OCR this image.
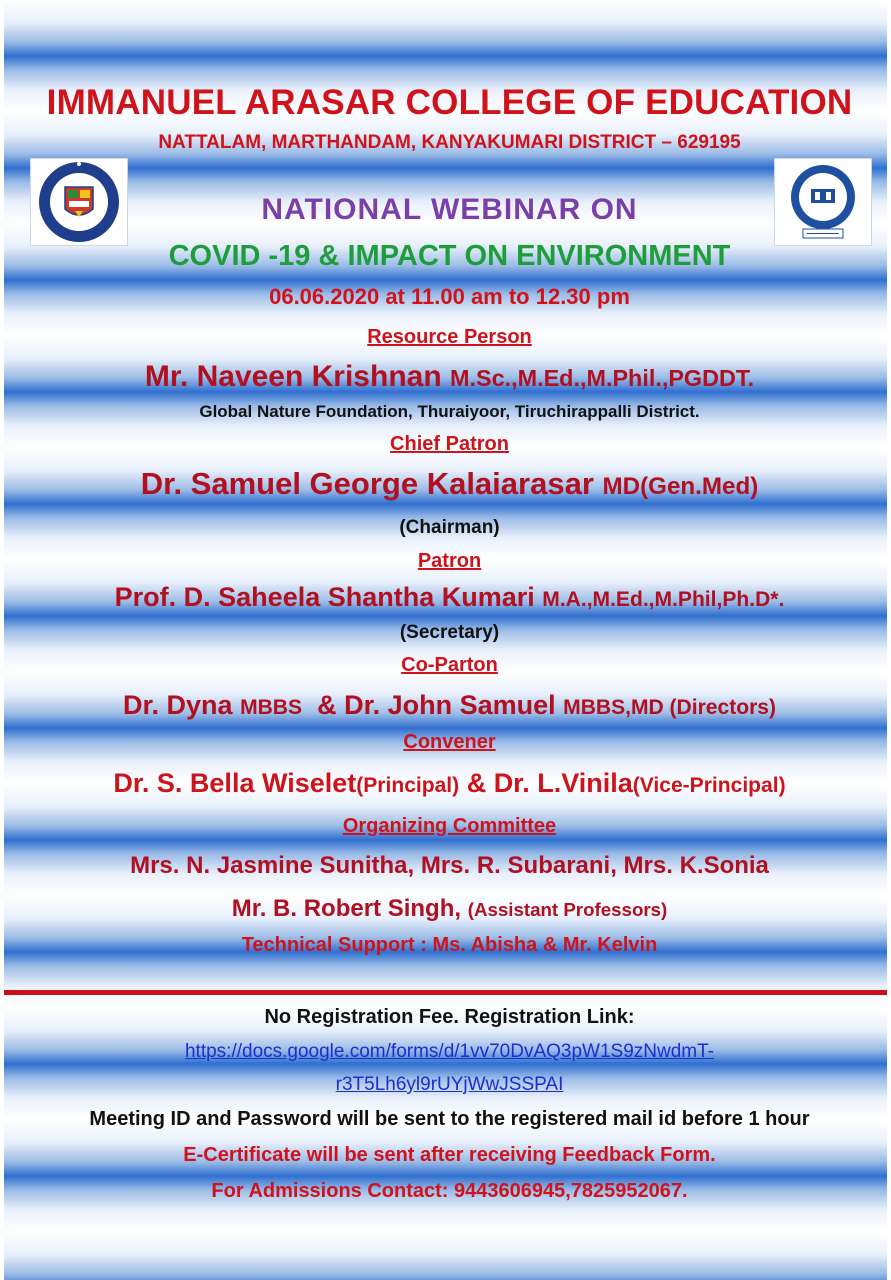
IMMANUEL ARASAR COLLEGE OF EDUCATION
NATTALAM, MARTHANDAM, KANYAKUMARI DISTRICT – 629195
NATIONAL WEBINAR ON
COVID -19 & IMPACT ON ENVIRONMENT
06.06.2020 at 11.00 am to 12.30 pm
Resource Person
Mr. Naveen Krishnan M.Sc.,M.Ed.,M.Phil.,PGDDT.
Global Nature Foundation, Thuraiyoor, Tiruchirappalli District.
Chief Patron
Dr. Samuel George Kalaiarasar MD(Gen.Med)
(Chairman)
Patron
Prof. D. Saheela Shantha Kumari M.A.,M.Ed.,M.Phil,Ph.D*.
(Secretary)
Co-Parton
Dr. Dyna MBBS & Dr. John Samuel MBBS,MD (Directors)
Convener
Dr. S. Bella Wiselet(Principal) & Dr. L.Vinila(Vice-Principal)
Organizing Committee
Mrs. N. Jasmine Sunitha, Mrs. R. Subarani, Mrs. K.Sonia
Mr. B. Robert Singh, (Assistant Professors)
Technical Support : Ms. Abisha & Mr. Kelvin
No Registration Fee. Registration Link:
https://docs.google.com/forms/d/1vv70DvAQ3pW1S9zNwdmT-
r3T5Lh6yl9rUYjWwJSSPAI
Meeting ID and Password will be sent to the registered mail id before 1 hour
E-Certificate will be sent after receiving Feedback Form.
For Admissions Contact: 9443606945,7825952067.
